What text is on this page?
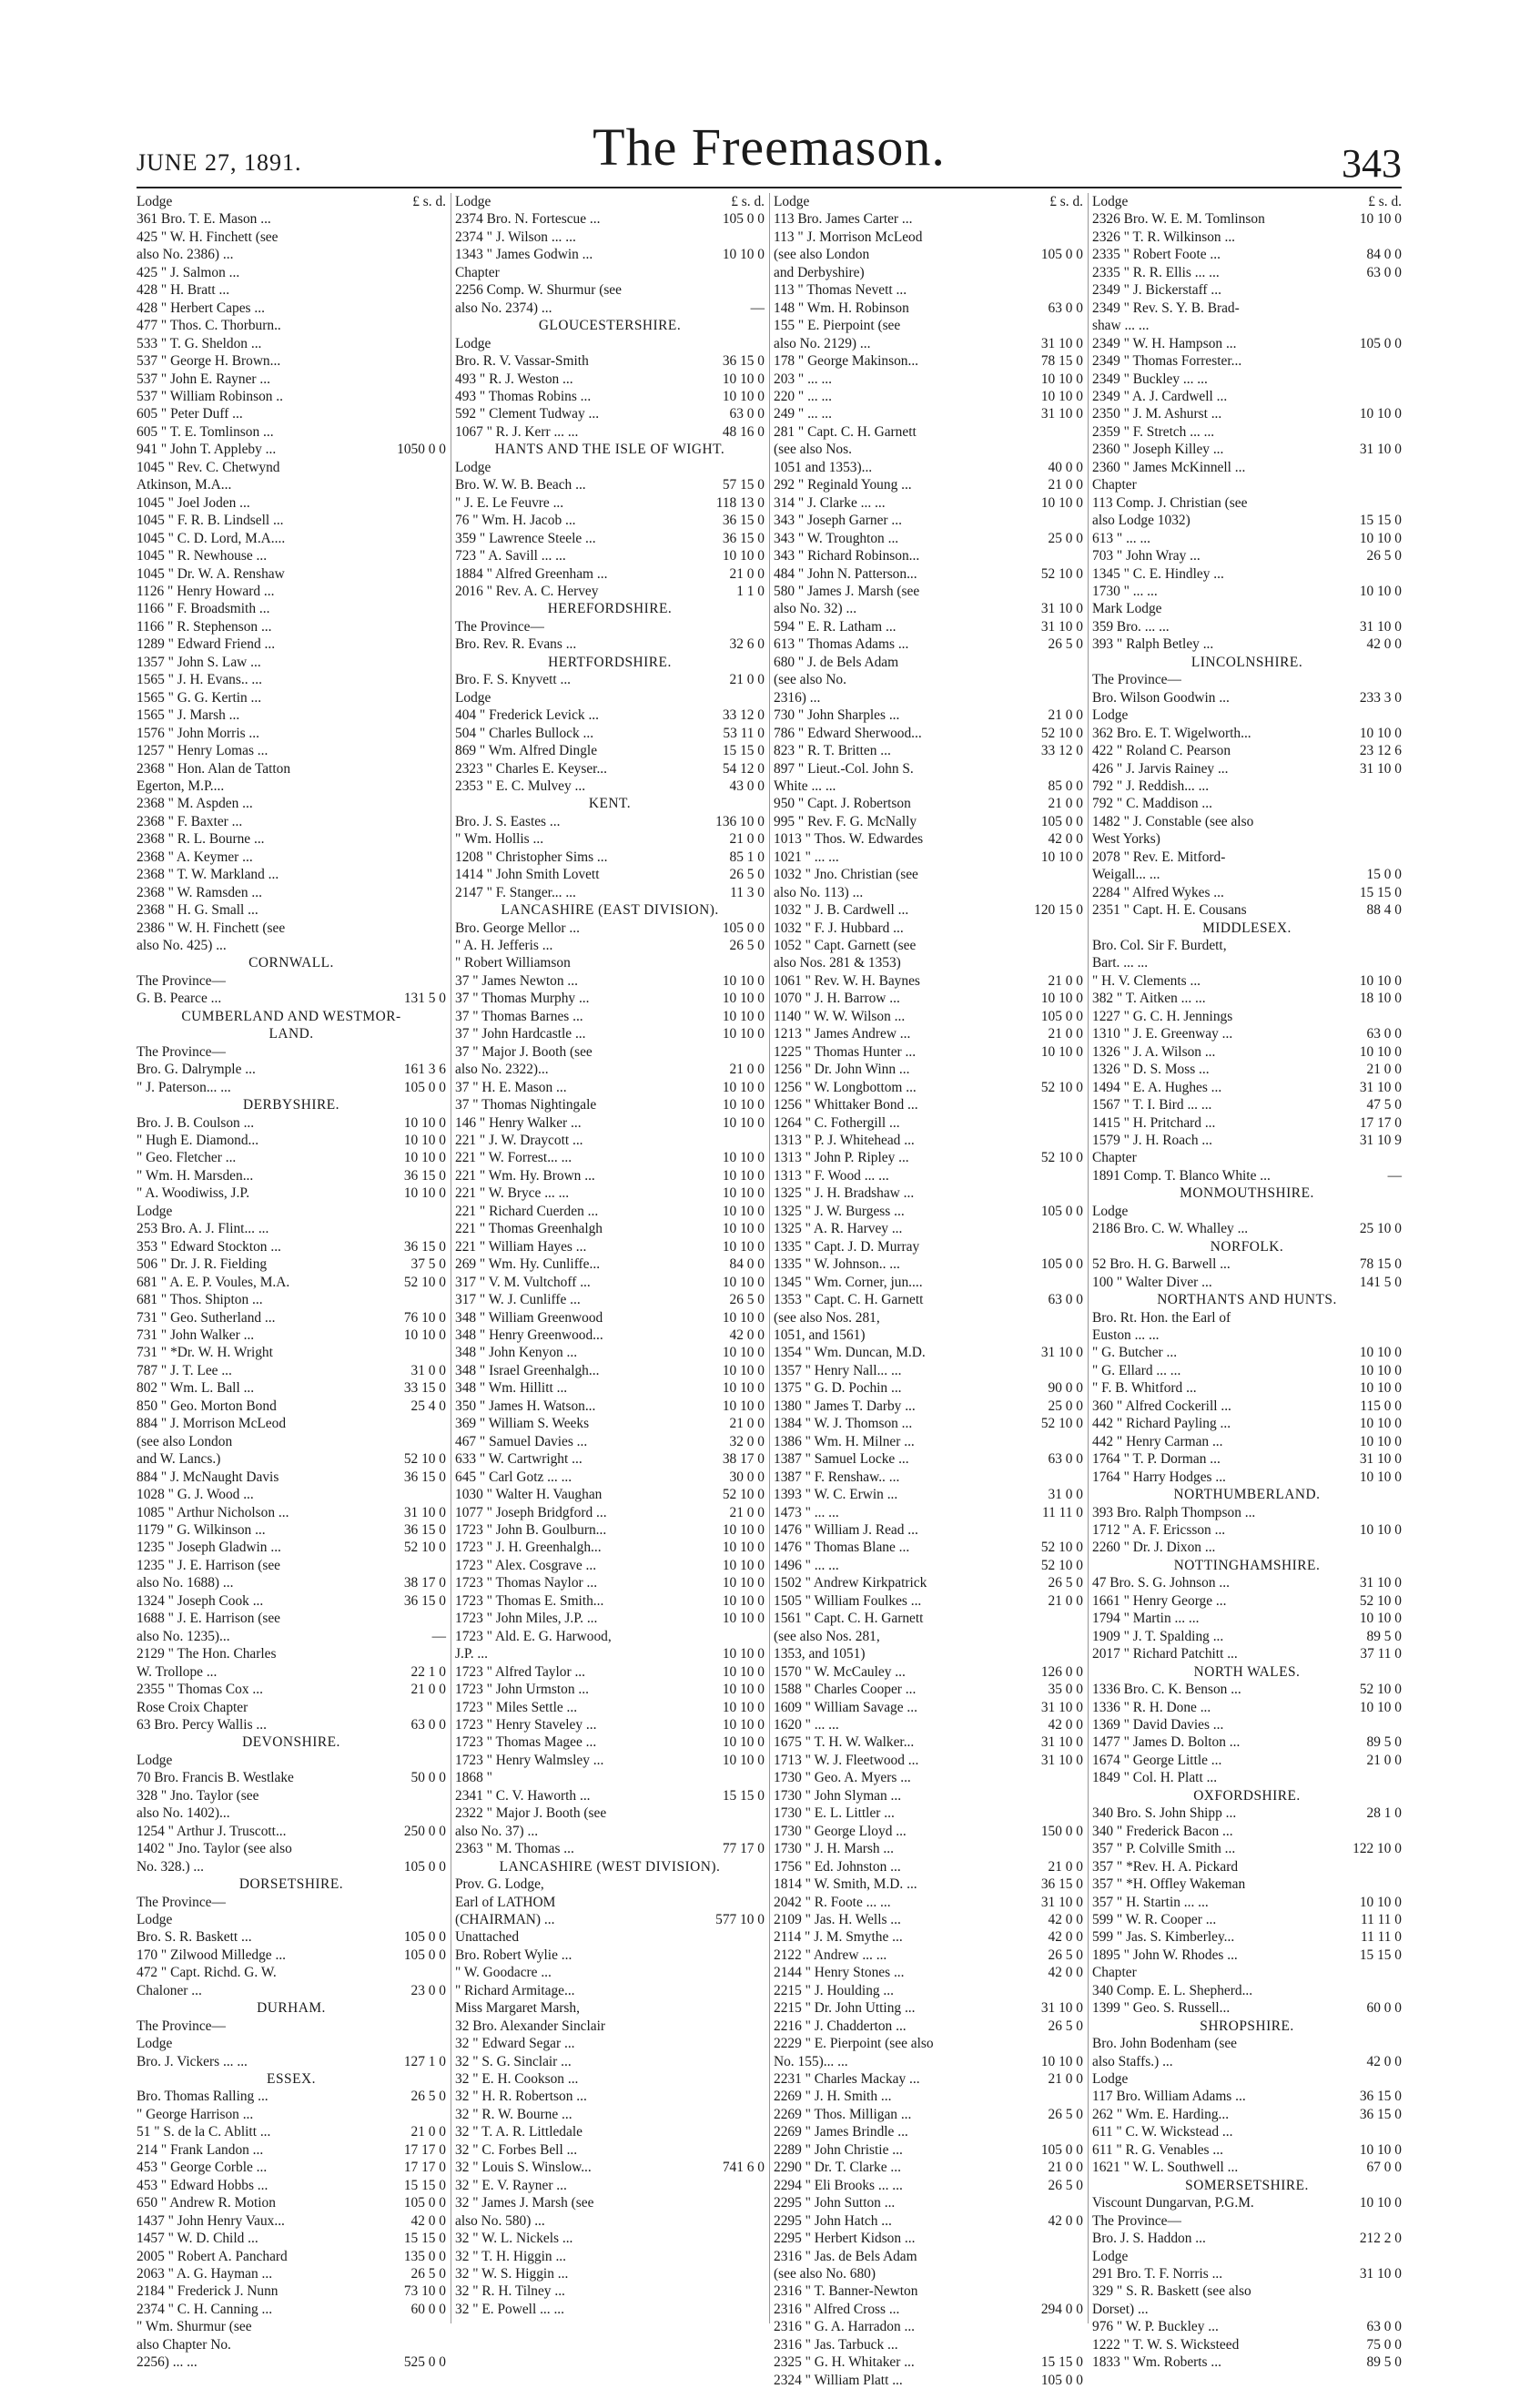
JUNE 27, 1891.	The Freemason.	343
Lodge	£ s. d.
361 Bro. T. E. Mason ...
425 " W. H. Finchett (see
also No. 2386) ...
425 " J. Salmon ...
428 " H. Bratt ...
428 " Herbert Capes ...
477 " Thos. C. Thorburn..
533 " T. G. Sheldon ...
537 " George H. Brown...
537 " John E. Rayner ...
537 " William Robinson ..
605 " Peter Duff ...
605 " T. E. Tomlinson ...
941 " John T. Appleby ...	1050 0 0
1045 " Rev. C. Chetwynd
Atkinson, M.A...
1045 " Joel Joden ...
1045 " F. R. B. Lindsell ...
1045 " C. D. Lord, M.A....
1045 " R. Newhouse ...
1045 " Dr. W. A. Renshaw
1126 " Henry Howard ...
1166 " F. Broadsmith ...
1166 " R. Stephenson ...
1289 " Edward Friend ...
1357 " John S. Law ...
1565 " J. H. Evans.. ...
1565 " G. G. Kertin ...
1565 " J. Marsh ...
1576 " John Morris ...
1257 " Henry Lomas ...
2368 " Hon. Alan de Tatton
Egerton, M.P....
2368 " M. Aspden ...
2368 " F. Baxter ...
2368 " R. L. Bourne ...
2368 " A. Keymer ...
2368 " T. W. Markland ...
2368 " W. Ramsden ...
2368 " H. G. Small ...
2386 " W. H. Finchett (see
also No. 425) ...
CORNWALL.
The Province—
G. B. Pearce ...	131 5 0
CUMBERLAND AND WESTMOR-
LAND.
The Province—
Bro. G. Dalrymple ...	161 3 6
" J. Paterson... ...	105 0 0
DERBYSHIRE.
Bro. J. B. Coulson ...	10 10 0
" Hugh E. Diamond...	10 10 0
" Geo. Fletcher ...	10 10 0
" Wm. H. Marsden...	36 15 0
" A. Woodiwiss, J.P.	10 10 0
Lodge
253 Bro. A. J. Flint... ...
353 " Edward Stockton ...	36 15 0
506 " Dr. J. R. Fielding	37 5 0
681 " A. E. P. Voules, M.A.	52 10 0
681 " Thos. Shipton ...
731 " Geo. Sutherland ...	76 10 0
731 " John Walker ...	10 10 0
731 " *Dr. W. H. Wright
787 " J. T. Lee ...	31 0 0
802 " Wm. L. Ball ...	33 15 0
850 " Geo. Morton Bond	25 4 0
884 " J. Morrison McLeod
(see also London
and W. Lancs.)	52 10 0
884 " J. McNaught Davis	36 15 0
1028 " G. J. Wood ...
1085 " Arthur Nicholson ...	31 10 0
1179 " G. Wilkinson ...	36 15 0
1235 " Joseph Gladwin ...	52 10 0
1235 " J. E. Harrison (see
also No. 1688) ...	38 17 0
1324 " Joseph Cook ...	36 15 0
1688 " J. E. Harrison (see
also No. 1235)...	—
2129 " The Hon. Charles
W. Trollope ...	22 1 0
2355 " Thomas Cox ...	21 0 0
Rose Croix Chapter
63 Bro. Percy Wallis ...	63 0 0
DEVONSHIRE.
Lodge
70 Bro. Francis B. Westlake	50 0 0
328 " Jno. Taylor (see
also No. 1402)...
1254 " Arthur J. Truscott...	250 0 0
1402 " Jno. Taylor (see also
No. 328.) ...	105 0 0
DORSETSHIRE.
The Province—
Lodge
Bro. S. R. Baskett ...	105 0 0
170 " Zilwood Milledge ...	105 0 0
472 " Capt. Richd. G. W.
Chaloner ...	23 0 0
DURHAM.
The Province—
Lodge
Bro. J. Vickers ... ...	127 1 0
ESSEX.
Bro. Thomas Ralling ...	26 5 0
" George Harrison ...
51 " S. de la C. Ablitt ...	21 0 0
214 " Frank Landon ...	17 17 0
453 " George Corble ...	17 17 0
453 " Edward Hobbs ...	15 15 0
650 " Andrew R. Motion	105 0 0
1437 " John Henry Vaux...	42 0 0
1457 " W. D. Child ...	15 15 0
2005 " Robert A. Panchard	135 0 0
2063 " A. G. Hayman ...	26 5 0
2184 " Frederick J. Nunn	73 10 0
2374 " C. H. Canning ...	60 0 0
" Wm. Shurmur (see
also Chapter No.
2256) ... ...	525 0 0
Lodge	£ s. d.
2374 Bro. N. Fortescue ...	105 0 0
2374 " J. Wilson ... ...
1343 " James Godwin ...	10 10 0
Chapter
2256 Comp. W. Shurmur (see
also No. 2374) ...	—
GLOUCESTERSHIRE.
Lodge
Bro. R. V. Vassar-Smith	36 15 0
493 " R. J. Weston ...	10 10 0
493 " Thomas Robins ...	10 10 0
592 " Clement Tudway ...	63 0 0
1067 " R. J. Kerr ... ...	48 16 0
HANTS AND THE ISLE OF WIGHT.
Lodge
Bro. W. W. B. Beach ...	57 15 0
" J. E. Le Feuvre ...	118 13 0
76 " Wm. H. Jacob ...	36 15 0
359 " Lawrence Steele ...	36 15 0
723 " A. Savill ... ...	10 10 0
1884 " Alfred Greenham ...	21 0 0
2016 " Rev. A. C. Hervey	1 1 0
HEREFORDSHIRE.
The Province—
Bro. Rev. R. Evans ...	32 6 0
HERTFORDSHIRE.
Bro. F. S. Knyvett ...	21 0 0
Lodge
404 " Frederick Levick ...	33 12 0
504 " Charles Bullock ...	53 11 0
869 " Wm. Alfred Dingle	15 15 0
2323 " Charles E. Keyser...	54 12 0
2353 " E. C. Mulvey ...	43 0 0
KENT.
Bro. J. S. Eastes ...	136 10 0
" Wm. Hollis ...	21 0 0
1208 " Christopher Sims ...	85 1 0
1414 " John Smith Lovett	26 5 0
2147 " F. Stanger... ...	11 3 0
LANCASHIRE (EAST DIVISION).
Bro. George Mellor ...	105 0 0
" A. H. Jefferis ...	26 5 0
" Robert Williamson
37 " James Newton ...	10 10 0
37 " Thomas Murphy ...	10 10 0
37 " Thomas Barnes ...	10 10 0
37 " John Hardcastle ...	10 10 0
37 " Major J. Booth (see
also No. 2322)...	21 0 0
37 " H. E. Mason ...	10 10 0
37 " Thomas Nightingale	10 10 0
146 " Henry Walker ...	10 10 0
221 " J. W. Draycott ...
221 " W. Forrest... ...	10 10 0
221 " Wm. Hy. Brown ...	10 10 0
221 " W. Bryce ... ...	10 10 0
221 " Richard Cuerden ...	10 10 0
221 " Thomas Greenhalgh	10 10 0
221 " William Hayes ...	10 10 0
269 " Wm. Hy. Cunliffe...	84 0 0
317 " V. M. Vultchoff ...	10 10 0
317 " W. J. Cunliffe ...	26 5 0
348 " William Greenwood	10 10 0
348 " Henry Greenwood...	42 0 0
348 " John Kenyon ...	10 10 0
348 " Israel Greenhalgh...	10 10 0
348 " Wm. Hillitt ...	10 10 0
350 " James H. Watson...	10 10 0
369 " William S. Weeks	21 0 0
467 " Samuel Davies ...	32 0 0
633 " W. Cartwright ...	38 17 0
645 " Carl Gotz ... ...	30 0 0
1030 " Walter H. Vaughan	52 10 0
1077 " Joseph Bridgford ...	21 0 0
1723 " John B. Goulburn...	10 10 0
1723 " J. H. Greenhalgh...	10 10 0
1723 " Alex. Cosgrave ...	10 10 0
1723 " Thomas Naylor ...	10 10 0
1723 " Thomas E. Smith...	10 10 0
1723 " John Miles, J.P. ...	10 10 0
1723 " Ald. E. G. Harwood,
J.P. ...	10 10 0
1723 " Alfred Taylor ...	10 10 0
1723 " John Urmston ...	10 10 0
1723 " Miles Settle ...	10 10 0
1723 " Henry Staveley ...	10 10 0
1723 " Thomas Magee ...	10 10 0
1723 " Henry Walmsley ...	10 10 0
1868 "
2341 " C. V. Haworth ...	15 15 0
2322 " Major J. Booth (see
also No. 37) ...
2363 " M. Thomas ...	77 17 0
LANCASHIRE (WEST DIVISION).
Prov. G. Lodge,
Earl of LATHOM
(CHAIRMAN) ...	577 10 0
Unattached
Bro. Robert Wylie ...
" W. Goodacre ...
" Richard Armitage...
Miss Margaret Marsh,
32 Bro. Alexander Sinclair
32 " Edward Segar ...
32 " S. G. Sinclair ...
32 " E. H. Cookson ...
32 " H. R. Robertson ...
32 " R. W. Bourne ...
32 " T. A. R. Littledale
32 " C. Forbes Bell ...
32 " Louis S. Winslow...	741 6 0
32 " E. V. Rayner ...
32 " James J. Marsh (see
also No. 580) ...
32 " W. L. Nickels ...
32 " T. H. Higgin ...
32 " W. S. Higgin ...
32 " R. H. Tilney ...
32 " E. Powell ... ...
Lodge	£ s. d.
113 Bro. James Carter ...
113 " J. Morrison McLeod
(see also London	105 0 0
and Derbyshire)
113 " Thomas Nevett ...
148 " Wm. H. Robinson	63 0 0
155 " E. Pierpoint (see
also No. 2129) ...	31 10 0
178 " George Makinson...	78 15 0
203 " ... ...	10 10 0
220 " ... ...	10 10 0
249 " ... ...	31 10 0
281 " Capt. C. H. Garnett
(see also Nos.
1051 and 1353)...	40 0 0
292 " Reginald Young ...	21 0 0
314 " J. Clarke ... ...	10 10 0
343 " Joseph Garner ...
343 " W. Troughton ...	25 0 0
343 " Richard Robinson...
484 " John N. Patterson...	52 10 0
580 " James J. Marsh (see
also No. 32) ...	31 10 0
594 " E. R. Latham ...	31 10 0
613 " Thomas Adams ...	26 5 0
680 " J. de Bels Adam
(see also No.
2316) ...
730 " John Sharples ...	21 0 0
786 " Edward Sherwood...	52 10 0
823 " R. T. Britten ...	33 12 0
897 " Lieut.-Col. John S.
White ... ...	85 0 0
950 " Capt. J. Robertson	21 0 0
995 " Rev. F. G. McNally	105 0 0
1013 " Thos. W. Edwardes	42 0 0
1021 " ... ...	10 10 0
1032 " Jno. Christian (see
also No. 113) ...
1032 " J. B. Cardwell ...	120 15 0
1032 " F. J. Hubbard ...
1052 " Capt. Garnett (see
also Nos. 281 & 1353)
1061 " Rev. W. H. Baynes	21 0 0
1070 " J. H. Barrow ...	10 10 0
1140 " W. W. Wilson ...	105 0 0
1213 " James Andrew ...	21 0 0
1225 " Thomas Hunter ...	10 10 0
1256 " Dr. John Winn ...
1256 " W. Longbottom ...	52 10 0
1256 " Whittaker Bond ...
1264 " C. Fothergill ...
1313 " P. J. Whitehead ...
1313 " John P. Ripley ...	52 10 0
1313 " F. Wood ... ...
1325 " J. H. Bradshaw ...
1325 " J. W. Burgess ...	105 0 0
1325 " A. R. Harvey ...
1335 " Capt. J. D. Murray
1335 " W. Johnson.. ...	105 0 0
1345 " Wm. Corner, jun....
1353 " Capt. C. H. Garnett	63 0 0
(see also Nos. 281,
1051, and 1561)
1354 " Wm. Duncan, M.D.	31 10 0
1357 " Henry Nall... ...
1375 " G. D. Pochin ...	90 0 0
1380 " James T. Darby ...	25 0 0
1384 " W. J. Thomson ...	52 10 0
1386 " Wm. H. Milner ...
1387 " Samuel Locke ...	63 0 0
1387 " F. Renshaw.. ...
1393 " W. C. Erwin ...	31 0 0
1473 " ... ...	11 11 0
1476 " William J. Read ...
1476 " Thomas Blane ...	52 10 0
1496 " ... ...	52 10 0
1502 " Andrew Kirkpatrick	26 5 0
1505 " William Foulkes ...	21 0 0
1561 " Capt. C. H. Garnett
(see also Nos. 281,
1353, and 1051)
1570 " W. McCauley ...	126 0 0
1588 " Charles Cooper ...	35 0 0
1609 " William Savage ...	31 10 0
1620 " ... ...	42 0 0
1675 " T. H. W. Walker...	31 10 0
1713 " W. J. Fleetwood ...	31 10 0
1730 " Geo. A. Myers ...
1730 " John Slyman ...
1730 " E. L. Littler ...
1730 " George Lloyd ...	150 0 0
1730 " J. H. Marsh ...
1756 " Ed. Johnston ...	21 0 0
1814 " W. Smith, M.D. ...	36 15 0
2042 " R. Foote ... ...	31 10 0
2109 " Jas. H. Wells ...	42 0 0
2114 " J. M. Smythe ...	42 0 0
2122 " Andrew ... ...	26 5 0
2144 " Henry Stones ...	42 0 0
2215 " J. Houlding ...
2215 " Dr. John Utting ...	31 10 0
2216 " J. Chadderton ...	26 5 0
2229 " E. Pierpoint (see also
No. 155)... ...	10 10 0
2231 " Charles Mackay ...	21 0 0
2269 " J. H. Smith ...
2269 " Thos. Milligan ...	26 5 0
2269 " James Brindle ...
2289 " John Christie ...	105 0 0
2290 " Dr. T. Clarke ...	21 0 0
2294 " Eli Brooks ... ...	26 5 0
2295 " John Sutton ...
2295 " John Hatch ...	42 0 0
2295 " Herbert Kidson ...
2316 " Jas. de Bels Adam
(see also No. 680)
2316 " T. Banner-Newton
2316 " Alfred Cross ...	294 0 0
2316 " G. A. Harradon ...
2316 " Jas. Tarbuck ...
2325 " G. H. Whitaker ...	15 15 0
2324 " William Platt ...	105 0 0
Lodge	£ s. d.
2326 Bro. W. E. M. Tomlinson	10 10 0
2326 " T. R. Wilkinson ...
2335 " Robert Foote ...	84 0 0
2335 " R. R. Ellis ... ...	63 0 0
2349 " J. Bickerstaff ...
2349 " Rev. S. Y. B. Brad-
shaw ... ...
2349 " W. H. Hampson ...	105 0 0
2349 " Thomas Forrester...
2349 " Buckley ... ...
2349 " A. J. Cardwell ...
2350 " J. M. Ashurst ...	10 10 0
2359 " F. Stretch ... ...
2360 " Joseph Killey ...	31 10 0
2360 " James McKinnell ...
Chapter
113 Comp. J. Christian (see
also Lodge 1032)	15 15 0
613 " ... ...	10 10 0
703 " John Wray ...	26 5 0
1345 " C. E. Hindley ...
1730 " ... ...	10 10 0
Mark Lodge
359 Bro. ... ...	31 10 0
393 " Ralph Betley ...	42 0 0
LINCOLNSHIRE.
The Province—
Bro. Wilson Goodwin ...	233 3 0
Lodge
362 Bro. E. T. Wigelworth...	10 10 0
422 " Roland C. Pearson	23 12 6
426 " J. Jarvis Rainey ...	31 10 0
792 " J. Reddish... ...
792 " C. Maddison ...
1482 " J. Constable (see also
West Yorks)
2078 " Rev. E. Mitford-
Weigall... ...	15 0 0
2284 " Alfred Wykes ...	15 15 0
2351 " Capt. H. E. Cousans	88 4 0
MIDDLESEX.
Bro. Col. Sir F. Burdett,
Bart. ... ...
" H. V. Clements ...	10 10 0
382 " T. Aitken ... ...	18 10 0
1227 " G. C. H. Jennings
1310 " J. E. Greenway ...	63 0 0
1326 " J. A. Wilson ...	10 10 0
1326 " D. S. Moss ...	21 0 0
1494 " E. A. Hughes ...	31 10 0
1567 " T. I. Bird ... ...	47 5 0
1415 " H. Pritchard ...	17 17 0
1579 " J. H. Roach ...	31 10 9
Chapter
1891 Comp. T. Blanco White ...	—
MONMOUTHSHIRE.
Lodge
2186 Bro. C. W. Whalley ...	25 10 0
NORFOLK.
52 Bro. H. G. Barwell ...	78 15 0
100 " Walter Diver ...	141 5 0
NORTHANTS AND HUNTS.
Bro. Rt. Hon. the Earl of
Euston ... ...
" G. Butcher ...	10 10 0
" G. Ellard ... ...	10 10 0
" F. B. Whitford ...	10 10 0
360 " Alfred Cockerill ...	115 0 0
442 " Richard Payling ...	10 10 0
442 " Henry Carman ...	10 10 0
1764 " T. P. Dorman ...	31 10 0
1764 " Harry Hodges ...	10 10 0
NORTHUMBERLAND.
393 Bro. Ralph Thompson ...
1712 " A. F. Ericsson ...	10 10 0
2260 " Dr. J. Dixon ...
NOTTINGHAMSHIRE.
47 Bro. S. G. Johnson ...	31 10 0
1661 " Henry George ...	52 10 0
1794 " Martin ... ...	10 10 0
1909 " J. T. Spalding ...	89 5 0
2017 " Richard Patchitt ...	37 11 0
NORTH WALES.
1336 Bro. C. K. Benson ...	52 10 0
1336 " R. H. Done ...	10 10 0
1369 " David Davies ...
1477 " James D. Bolton ...	89 5 0
1674 " George Little ...	21 0 0
1849 " Col. H. Platt ...
OXFORDSHIRE.
340 Bro. S. John Shipp ...	28 1 0
340 " Frederick Bacon ...
357 " P. Colville Smith ...	122 10 0
357 " *Rev. H. A. Pickard
357 " *H. Offley Wakeman
357 " H. Startin ... ...	10 10 0
599 " W. R. Cooper ...	11 11 0
599 " Jas. S. Kimberley...	11 11 0
1895 " John W. Rhodes ...	15 15 0
Chapter
340 Comp. E. L. Shepherd...
1399 " Geo. S. Russell...	60 0 0
SHROPSHIRE.
Bro. John Bodenham (see
also Staffs.) ...	42 0 0
Lodge
117 Bro. William Adams ...	36 15 0
262 " Wm. E. Harding...	36 15 0
611 " C. W. Wickstead ...
611 " R. G. Venables ...	10 10 0
1621 " W. L. Southwell ...	67 0 0
SOMERSETSHIRE.
Viscount Dungarvan, P.G.M.	10 10 0
The Province—
Bro. J. S. Haddon ...	212 2 0
Lodge
291 Bro. T. F. Norris ...	31 10 0
329 " S. R. Baskett (see also
Dorset) ...
976 " W. P. Buckley ...	63 0 0
1222 " T. W. S. Wicksteed	75 0 0
1833 " Wm. Roberts ...	89 5 0
